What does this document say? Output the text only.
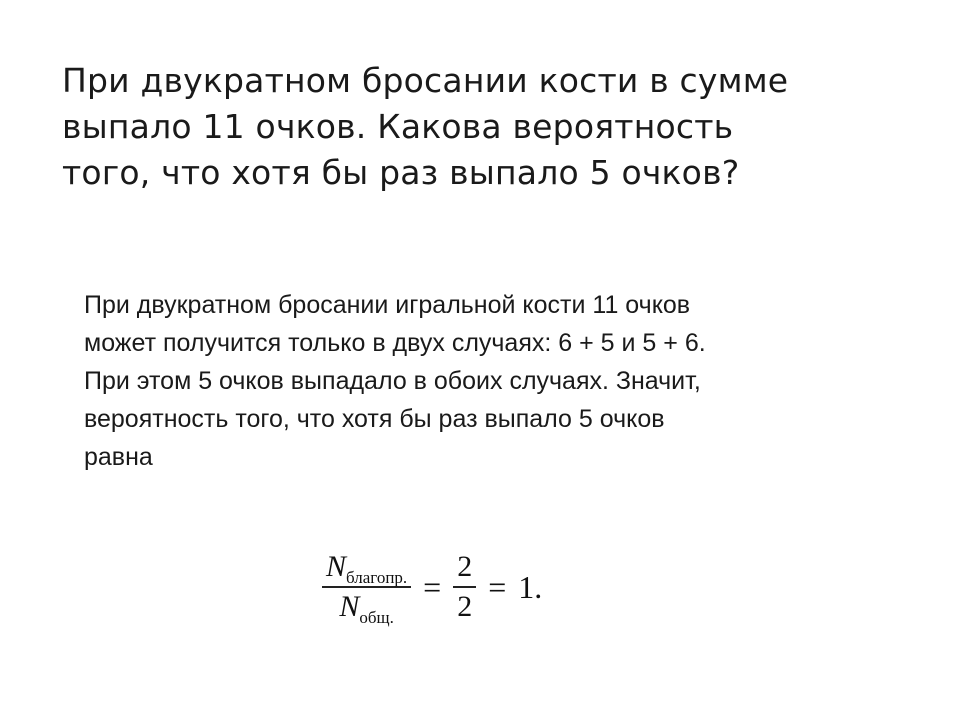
При двукратном бросании кости в сумме
выпало 11 очков. Какова вероятность
того, что хотя бы раз выпало 5 очков?
При двукратном бросании игральной кости 11 очков
может получится только в двух случаях: 6 + 5 и 5 + 6.
При этом 5 очков выпадало в обоих случаях. Значит,
вероятность того, что хотя бы раз выпало 5 очков
равна
$\frac{\text{Nблагопр.}}{\text{Nобщ.}} = \frac{2}{2} = 1$.
